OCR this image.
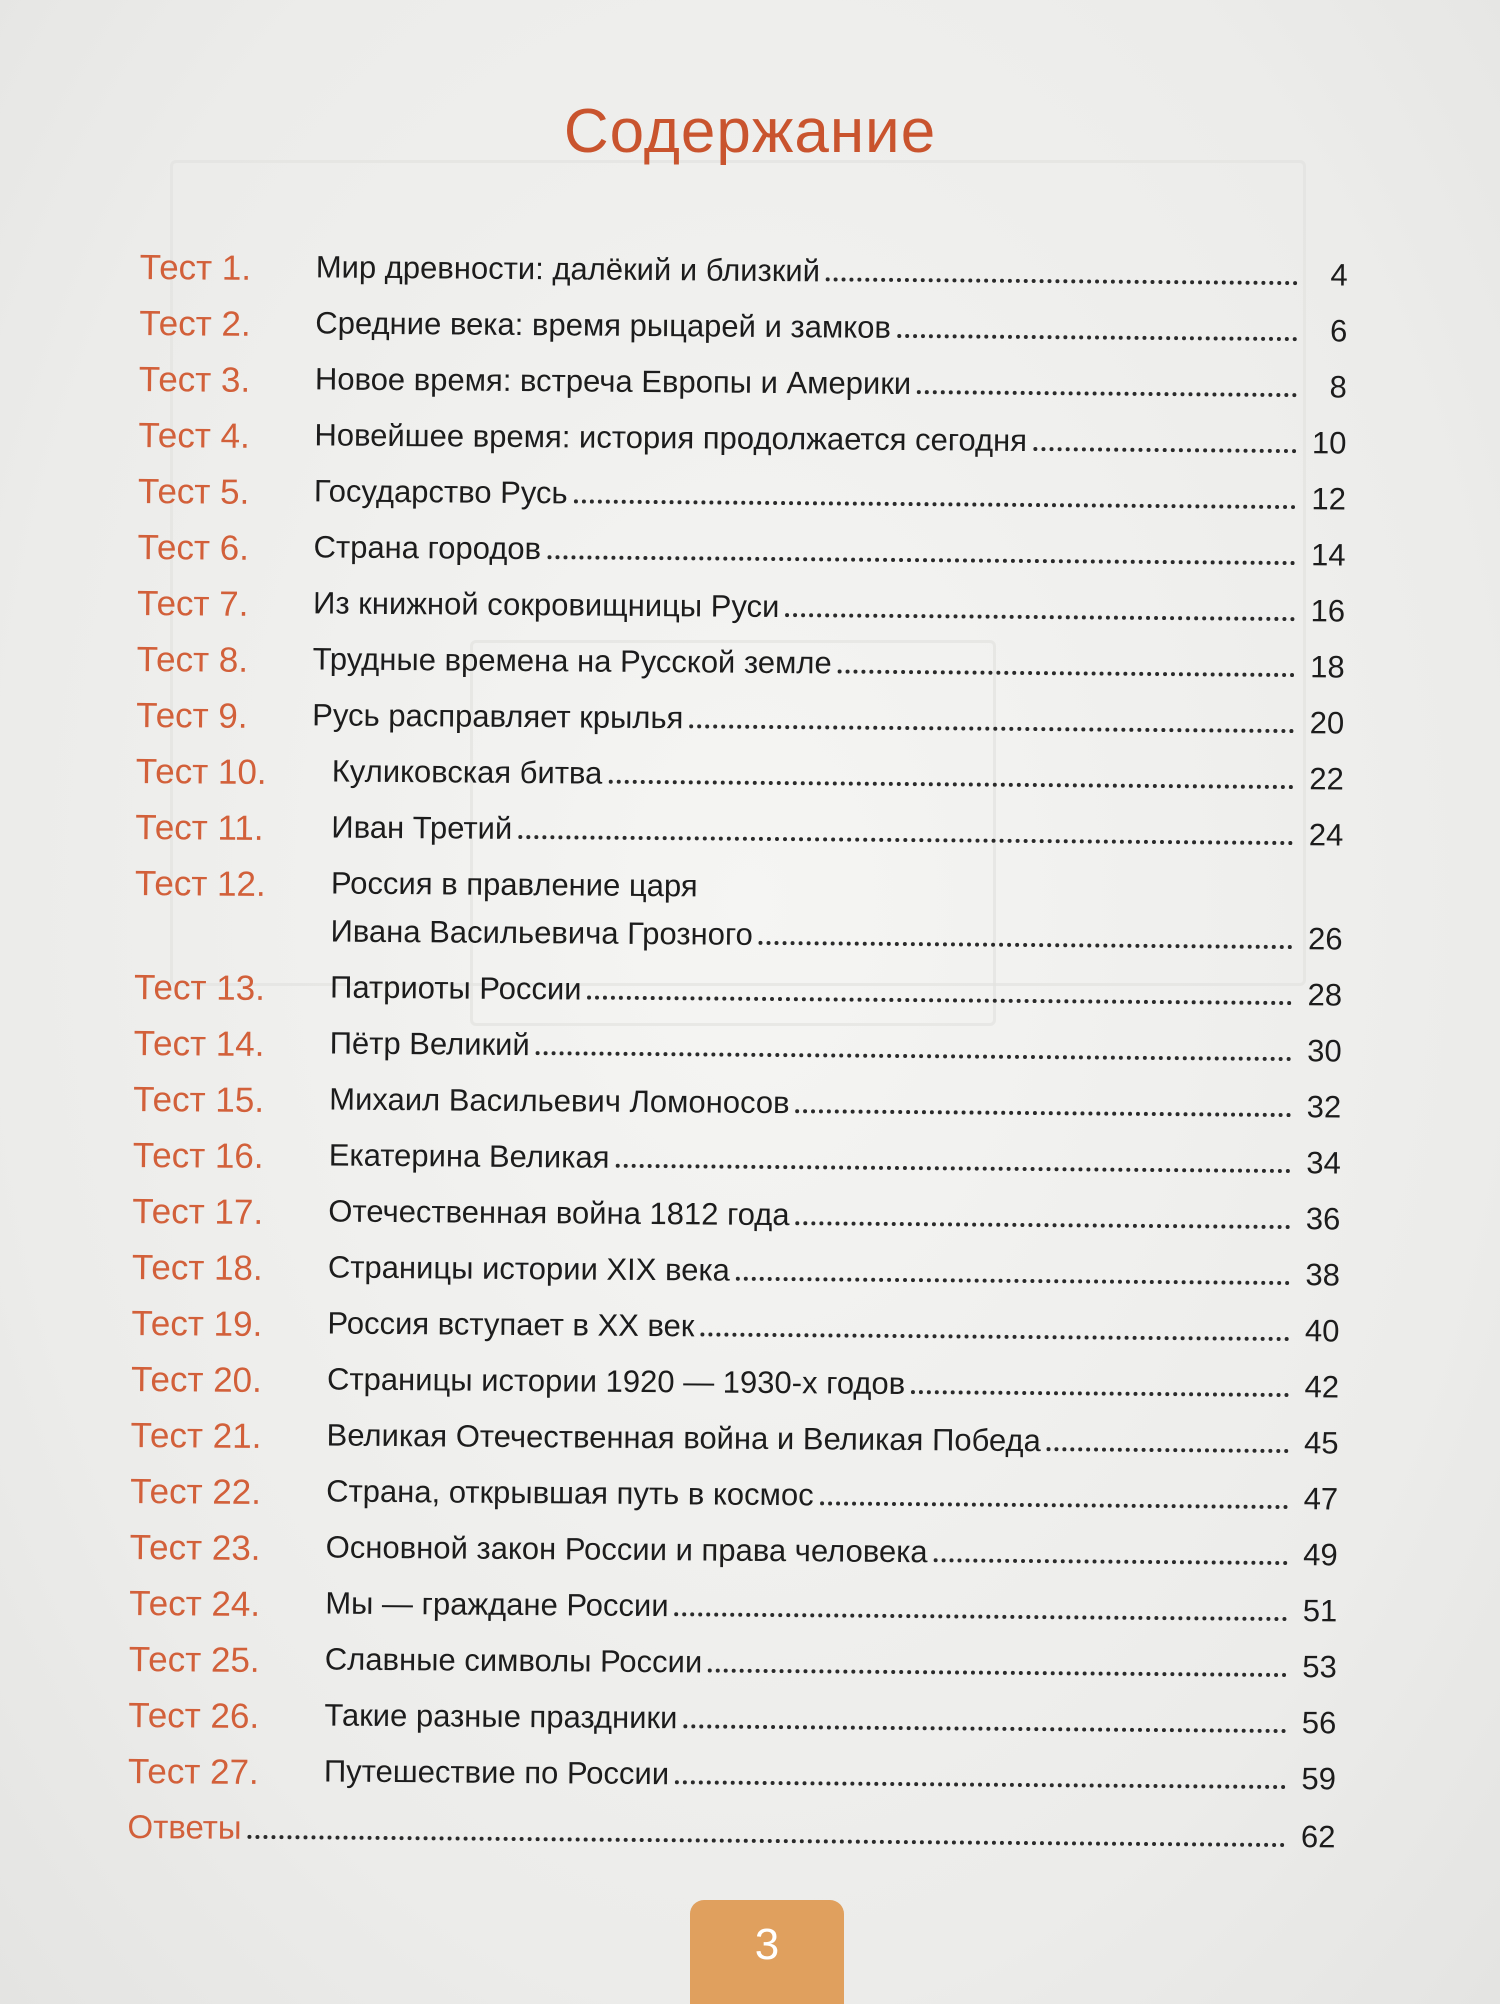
Содержание
Тест 1.	Мир древности: далёкий и близкий	4
Тест 2.	Средние века: время рыцарей и замков	6
Тест 3.	Новое время: встреча Европы и Америки	8
Тест 4.	Новейшее время: история продолжается сегодня	10
Тест 5.	Государство Русь	12
Тест 6.	Страна городов	14
Тест 7.	Из книжной сокровищницы Руси	16
Тест 8.	Трудные времена на Русской земле	18
Тест 9.	Русь расправляет крылья	20
Тест 10.	Куликовская битва	22
Тест 11.	Иван Третий	24
Тест 12.	Россия в правление царя
Ивана Васильевича Грозного	26
Тест 13.	Патриоты России	28
Тест 14.	Пётр Великий	30
Тест 15.	Михаил Васильевич Ломоносов	32
Тест 16.	Екатерина Великая	34
Тест 17.	Отечественная война 1812 года	36
Тест 18.	Страницы истории XIX века	38
Тест 19.	Россия вступает в XX век	40
Тест 20.	Страницы истории 1920 — 1930-х годов	42
Тест 21.	Великая Отечественная война и Великая Победа	45
Тест 22.	Страна, открывшая путь в космос	47
Тест 23.	Основной закон России и права человека	49
Тест 24.	Мы — граждане России	51
Тест 25.	Славные символы России	53
Тест 26.	Такие разные праздники	56
Тест 27.	Путешествие по России	59
Ответы	62
3
